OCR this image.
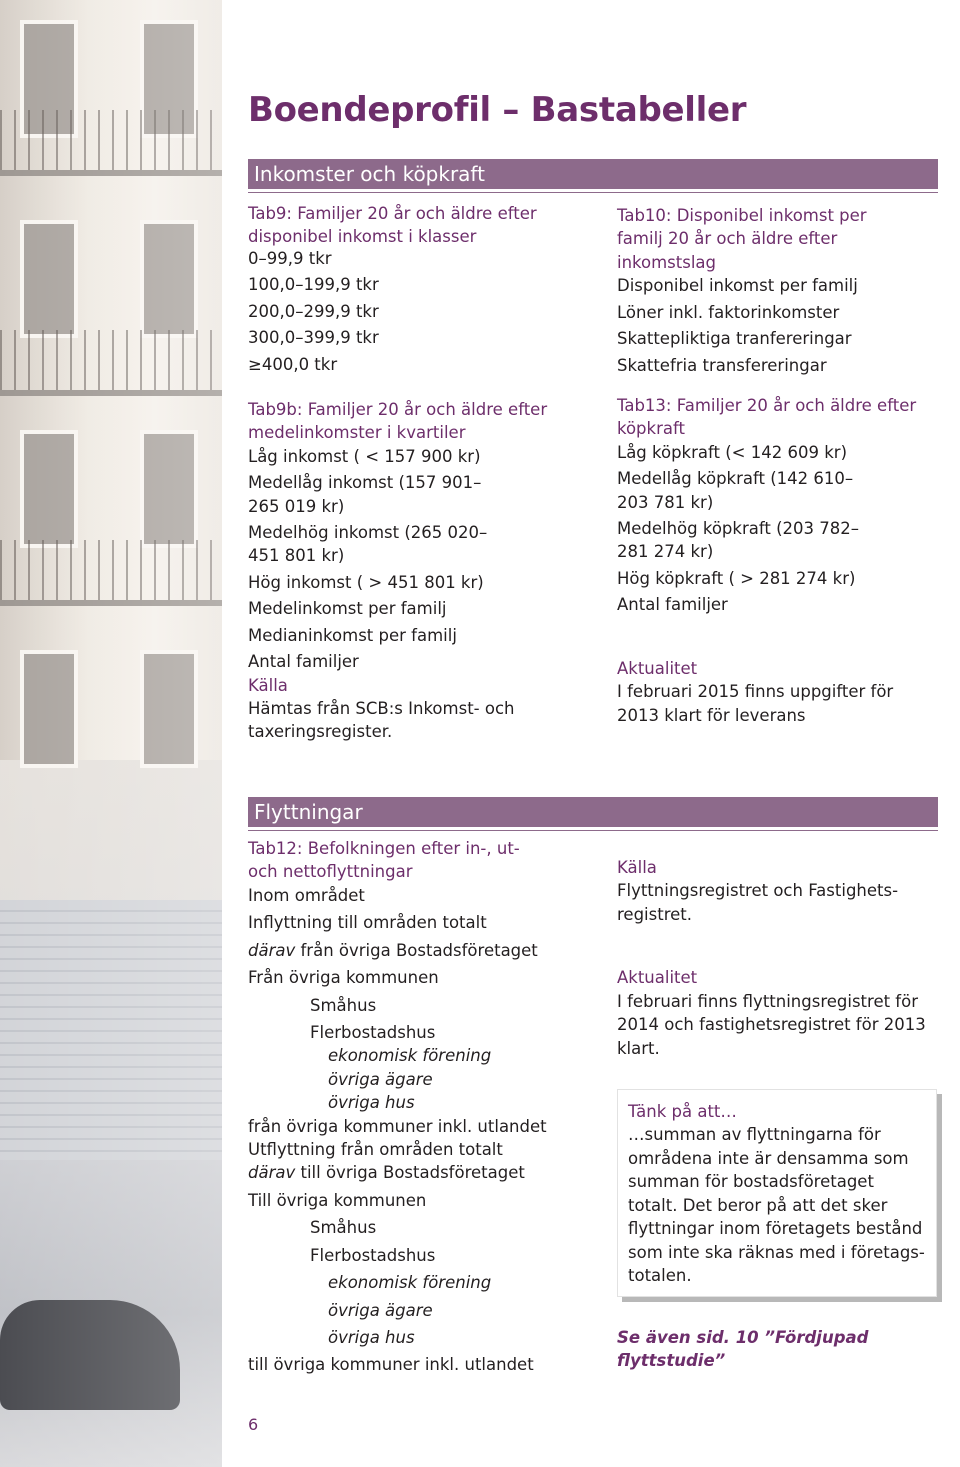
Boendeprofil – Bastabeller
Inkomster och köpkraft

Tab9: Familjer 20 år och äldre efter disponibel inkomst i klasser

0–99,9 tkr

100,0–199,9 tkr

200,0–299,9 tkr

300,0–399,9 tkr

≥400,0 tkr

Tab9b: Familjer 20 år och äldre efter medelinkomster i kvartiler

Låg inkomst ( < 157 900 kr)

Medellåg inkomst (157 901–

265 019 kr)

Medelhög inkomst (265 020–

451 801 kr)

Hög inkomst ( > 451 801 kr)

Medelinkomst per familj

Medianinkomst per familj

Antal familjer

Källa

Hämtas från SCB:s Inkomst- och taxeringsregister.

Tab10: Disponibel inkomst per familj 20 år och äldre efter inkomstslag

Disponibel inkomst per familj

Löner inkl. faktorinkomster

Skattepliktiga tranfereringar

Skattefria transfereringar

Tab13: Familjer 20 år och äldre efter köpkraft

Låg köpkraft (< 142 609 kr)

Medellåg köpkraft (142 610–

203 781 kr)

Medelhög köpkraft (203 782–

281 274 kr)

Hög köpkraft ( > 281 274 kr)

Antal familjer

Aktualitet

I februari 2015 finns uppgifter för 2013 klart för leverans

Flyttningar

Tab12: Befolkningen efter in-, ut- och nettoflyttningar

Inom området

Inflyttning till områden totalt

därav från övriga Bostadsföretaget

Från övriga kommunen

Småhus

Flerbostadshus

ekonomisk förening

övriga ägare

övriga hus

från övriga kommuner inkl. utlandet

Utflyttning från områden totalt

därav till övriga Bostadsföretaget

Till övriga kommunen

Småhus

Flerbostadshus

ekonomisk förening

övriga ägare

övriga hus

till övriga kommuner inkl. utlandet

Källa

Flyttningsregistret och Fastighets-registret.

Aktualitet

I februari finns flyttningsregistret för 2014 och fastighetsregistret för 2013 klart.

Tänk på att…

…summan av flyttningarna för områdena inte är densamma som summan för bostadsföretaget totalt. Det beror på att det sker flyttningar inom företagets bestånd som inte ska räknas med i företags-totalen.

Se även sid. 10 ”Fördjupad flyttstudie”
6
